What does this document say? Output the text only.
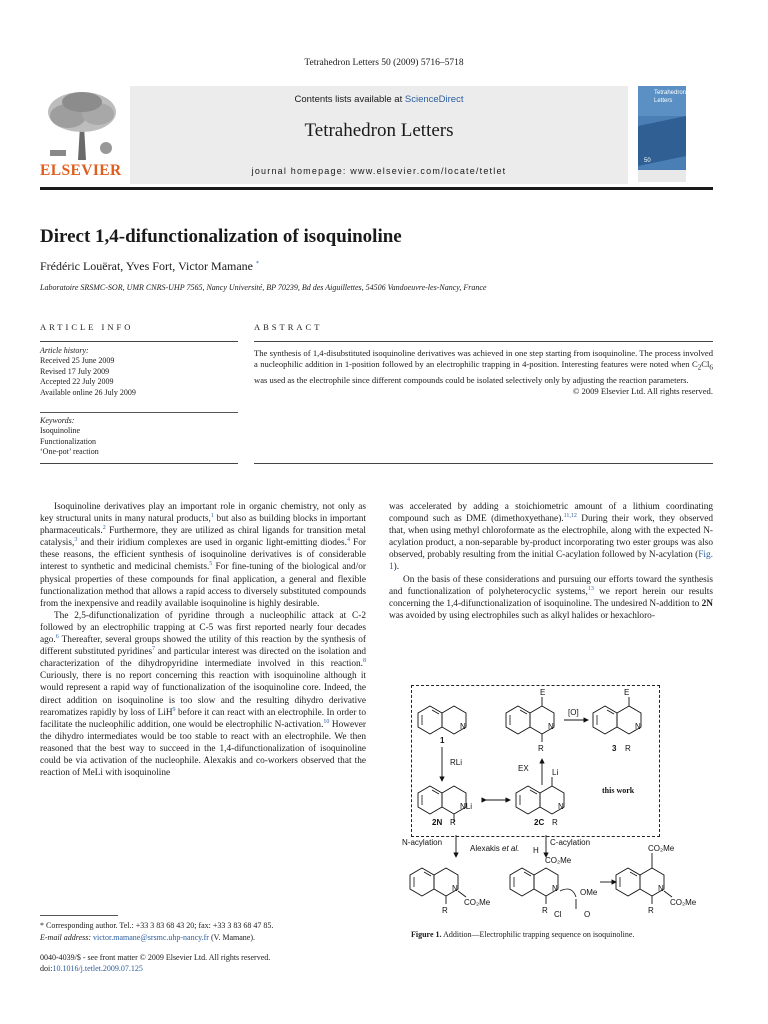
Tetrahedron Letters 50 (2009) 5716–5718
ELSEVIER
Contents lists available at ScienceDirect
Tetrahedron Letters
journal homepage: www.elsevier.com/locate/tetlet
Tetrahedron
Letters
50
Direct 1,4-difunctionalization of isoquinoline
Frédéric Louërat, Yves Fort, Victor Mamane *
Laboratoire SRSMC-SOR, UMR CNRS-UHP 7565, Nancy Université, BP 70239, Bd des Aiguillettes, 54506 Vandoeuvre-les-Nancy, France
ARTICLE INFO
Article history:
Received 25 June 2009
Revised 17 July 2009
Accepted 22 July 2009
Available online 26 July 2009
Keywords:
Isoquinoline
Functionalization
‘One-pot’ reaction
ABSTRACT
The synthesis of 1,4-disubstituted isoquinoline derivatives was achieved in one step starting from isoquinoline. The process involved a nucleophilic addition in 1-position followed by an electrophilic trapping in 4-position. Interesting features were noted when $C_2Cl_6$ was used as the electrophile since different compounds could be isolated selectively only by adjusting the reaction parameters.
© 2009 Elsevier Ltd. All rights reserved.

Isoquinoline derivatives play an important role in organic chemistry, not only as key structural units in many natural products,$^1$ but also as building blocks in important pharmaceuticals.$^2$ Furthermore, they are utilized as chiral ligands for transition metal catalysis,$^3$ and their iridium complexes are used in organic light-emitting diodes.$^4$ For these reasons, the efficient synthesis of isoquinoline derivatives is of considerable interest to synthetic and medicinal chemists.$^5$ For fine-tuning of the biological and/or physical properties of these compounds for final application, a general and flexible functionalization method that allows a rapid access to diversely substituted compounds from the inexpensive and readily available isoquinoline is highly desirable.

The 2,5-difunctionalization of pyridine through a nucleophilic attack at C-2 followed by an electrophilic trapping at C-5 was first reported nearly four decades ago.$^6$ Thereafter, several groups showed the utility of this reaction by the synthesis of different substituted pyridines$^7$ and particular interest was directed on the isolation and characterization of the dihydropyridine intermediate involved in this reaction.$^8$ Curiously, there is no report concerning this reaction with isoquinoline although it would represent a rapid way of functionalization of the isoquinoline core. Indeed, the direct addition on isoquinoline is too slow and the resulting dihydro derivative rearomatizes rapidly by loss of LiH$^9$ before it can react with an electrophile. In order to facilitate the nucleophilic addition, one would be electrophilic N-activation.$^{10}$ However the dihydro intermediates would be too stable to react with an electrophile. We then reasoned that the best way to succeed in the 1,4-difunctionalization of isoquinoline could be via activation of the nucleophile. Alexakis and co-workers observed that the reaction of MeLi with isoquinoline

was accelerated by adding a stoichiometric amount of a lithium coordinating compound such as DME (dimethoxyethane).$^{11,12}$ During their work, they observed that, when using methyl chloroformate as the electrophile, along with the expected N-acylation product, a non-separable by-product incorporating two ester groups was also observed, probably resulting from the initial C-acylation followed by N-acylation (Fig. 1).

On the basis of these considerations and pursuing our efforts toward the synthesis and functionalization of polyheterocyclic systems,$^{13}$ we report herein our results concerning the 1,4-difunctionalization of isoquinoline. The undesired N-addition to 2N was avoided by using electrophiles such as alkyl halides or hexachloro-

N
1
E
N
R
[O]
E
N
3 R
RLi
EX
NLi
2N R
Li
N
2C R
this work
N-acylation	C-acylation
Alexakis et al.
N
CO₂Me
R
H
CO₂Me
N
R
OMe
Cl	O
CO₂Me
N
CO₂Me
R
Figure 1. Addition—Electrophilic trapping sequence on isoquinoline.
* Corresponding author. Tel.: +33 3 83 68 43 20; fax: +33 3 83 68 47 85.
E-mail address: victor.mamane@srsmc.uhp-nancy.fr (V. Mamane).
0040-4039/$ - see front matter © 2009 Elsevier Ltd. All rights reserved.
doi:10.1016/j.tetlet.2009.07.125
